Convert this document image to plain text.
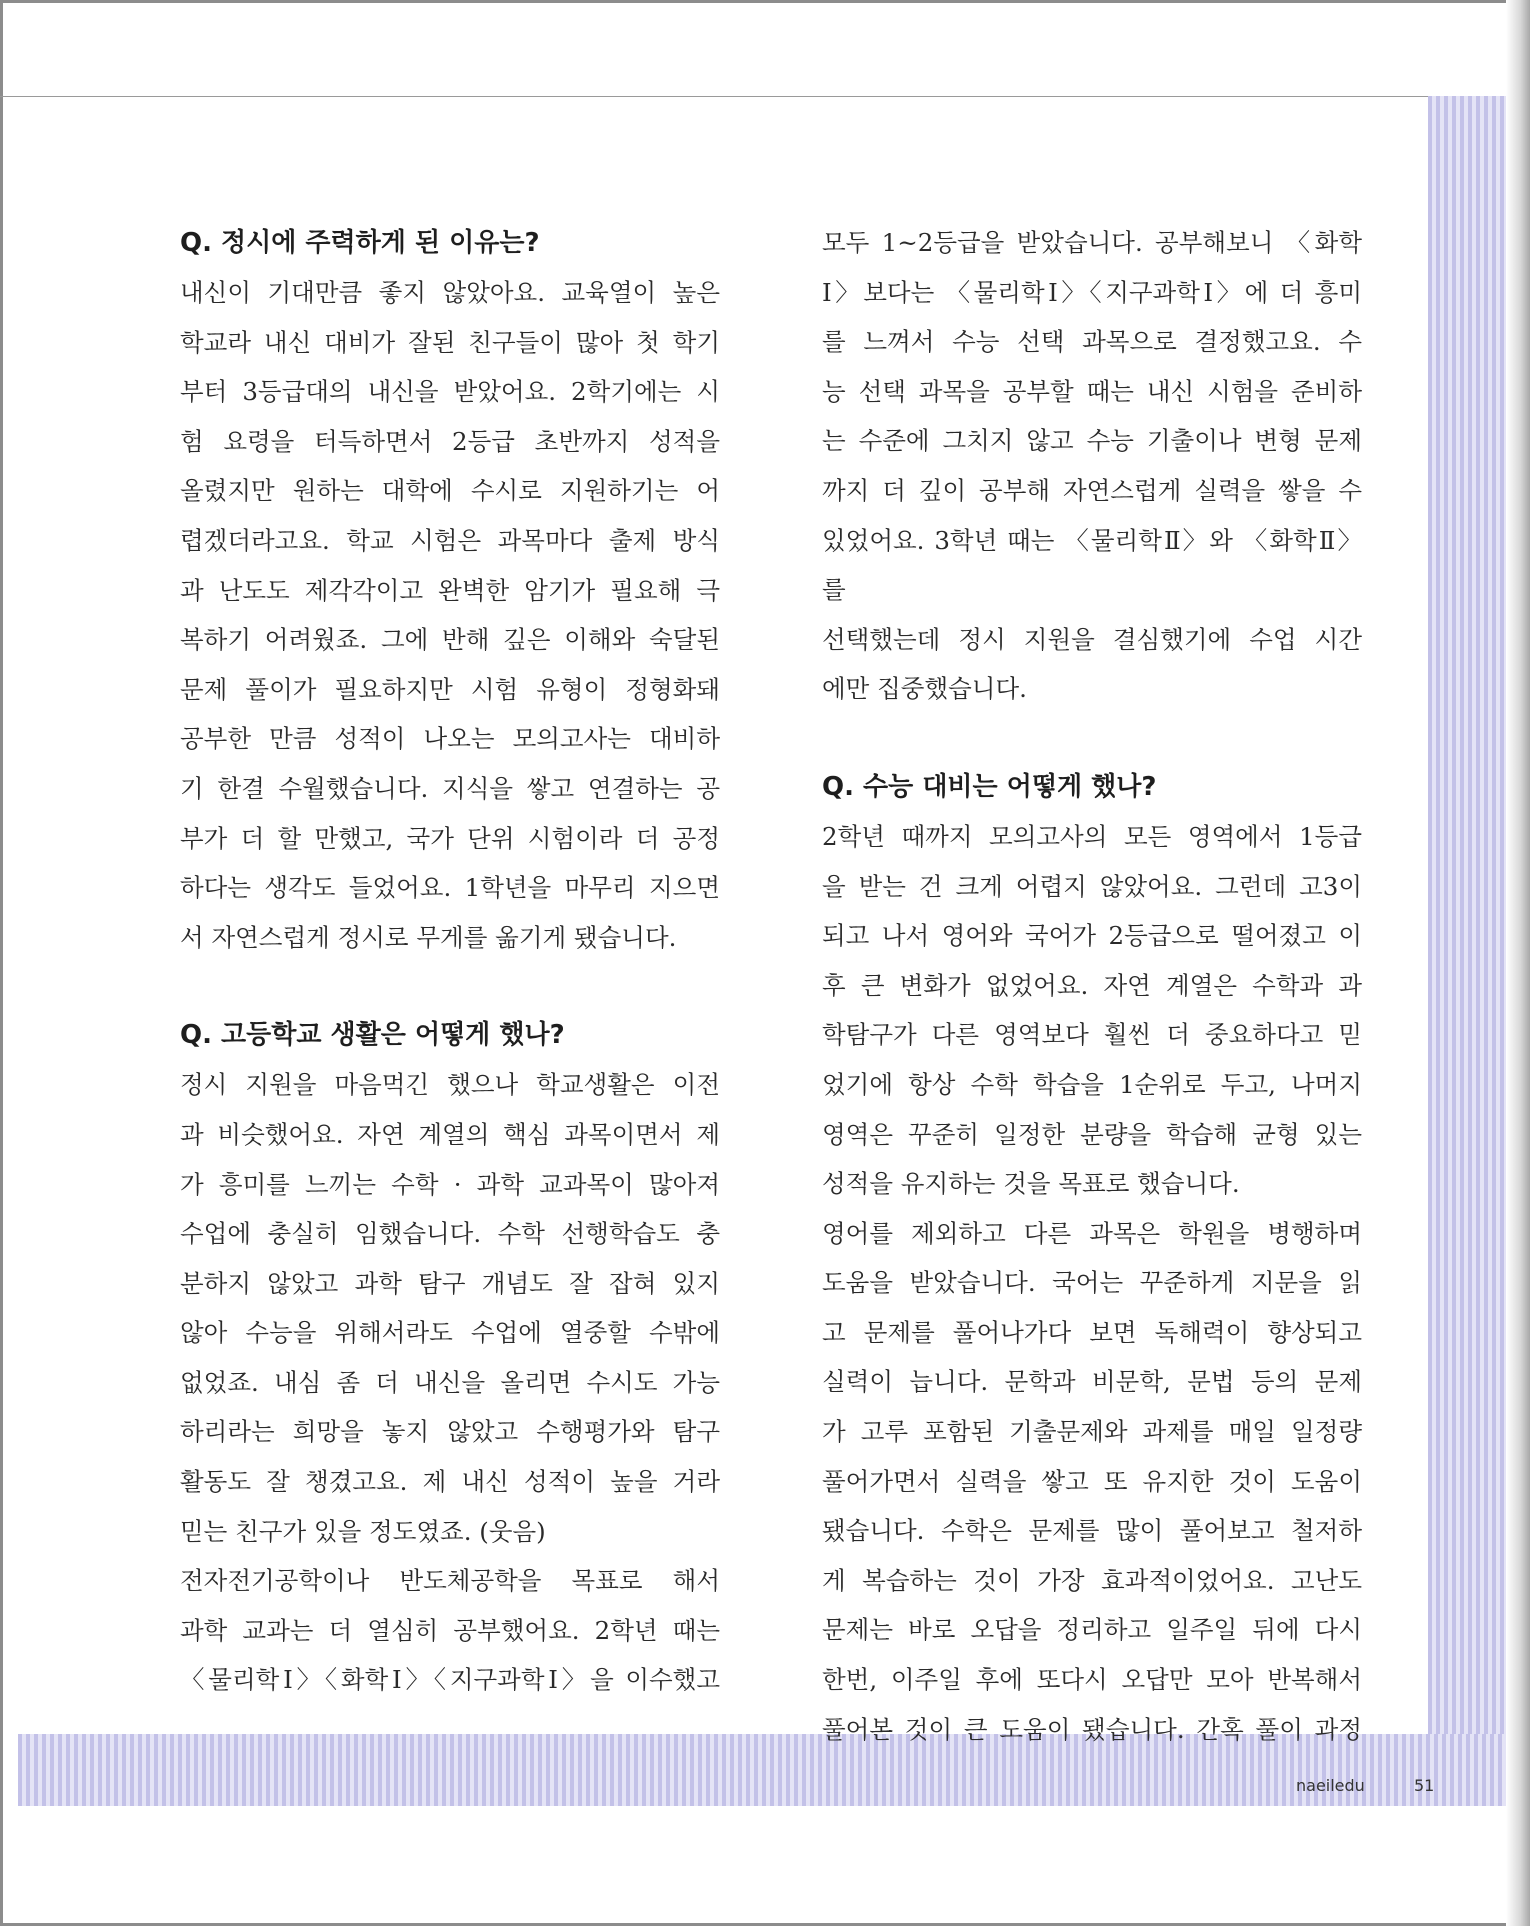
Q. 정시에 주력하게 된 이유는?

내신이 기대만큼 좋지 않았아요. 교육열이 높은

학교라 내신 대비가 잘된 친구들이 많아 첫 학기

부터 3등급대의 내신을 받았어요. 2학기에는 시

험 요령을 터득하면서 2등급 초반까지 성적을

올렸지만 원하는 대학에 수시로 지원하기는 어

렵겠더라고요. 학교 시험은 과목마다 출제 방식

과 난도도 제각각이고 완벽한 암기가 필요해 극

복하기 어려웠죠. 그에 반해 깊은 이해와 숙달된

문제 풀이가 필요하지만 시험 유형이 정형화돼

공부한 만큼 성적이 나오는 모의고사는 대비하

기 한결 수월했습니다. 지식을 쌓고 연결하는 공

부가 더 할 만했고, 국가 단위 시험이라 더 공정

하다는 생각도 들었어요. 1학년을 마무리 지으면

서 자연스럽게 정시로 무게를 옮기게 됐습니다.

Q. 고등학교 생활은 어떻게 했나?

정시 지원을 마음먹긴 했으나 학교생활은 이전

과 비슷했어요. 자연 계열의 핵심 과목이면서 제

가 흥미를 느끼는 수학 · 과학 교과목이 많아져

수업에 충실히 임했습니다. 수학 선행학습도 충

분하지 않았고 과학 탐구 개념도 잘 잡혀 있지

않아 수능을 위해서라도 수업에 열중할 수밖에

없었죠. 내심 좀 더 내신을 올리면 수시도 가능

하리라는 희망을 놓지 않았고 수행평가와 탐구

활동도 잘 챙겼고요. 제 내신 성적이 높을 거라

믿는 친구가 있을 정도였죠. (웃음)

전자전기공학이나 반도체공학을 목표로 해서

과학 교과는 더 열심히 공부했어요. 2학년 때는

〈물리학Ⅰ〉〈화학Ⅰ〉〈지구과학Ⅰ〉을 이수했고

모두 1~2등급을 받았습니다. 공부해보니 〈화학

Ⅰ〉보다는 〈물리학Ⅰ〉〈지구과학Ⅰ〉에 더 흥미

를 느껴서 수능 선택 과목으로 결정했고요. 수

능 선택 과목을 공부할 때는 내신 시험을 준비하

는 수준에 그치지 않고 수능 기출이나 변형 문제

까지 더 깊이 공부해 자연스럽게 실력을 쌓을 수

있었어요. 3학년 때는 〈물리학Ⅱ〉와 〈화학Ⅱ〉를

선택했는데 정시 지원을 결심했기에 수업 시간

에만 집중했습니다.

Q. 수능 대비는 어떻게 했나?

2학년 때까지 모의고사의 모든 영역에서 1등급

을 받는 건 크게 어렵지 않았어요. 그런데 고3이

되고 나서 영어와 국어가 2등급으로 떨어졌고 이

후 큰 변화가 없었어요. 자연 계열은 수학과 과

학탐구가 다른 영역보다 훨씬 더 중요하다고 믿

었기에 항상 수학 학습을 1순위로 두고, 나머지

영역은 꾸준히 일정한 분량을 학습해 균형 있는

성적을 유지하는 것을 목표로 했습니다.

영어를 제외하고 다른 과목은 학원을 병행하며

도움을 받았습니다. 국어는 꾸준하게 지문을 읽

고 문제를 풀어나가다 보면 독해력이 향상되고

실력이 늡니다. 문학과 비문학, 문법 등의 문제

가 고루 포함된 기출문제와 과제를 매일 일정량

풀어가면서 실력을 쌓고 또 유지한 것이 도움이

됐습니다. 수학은 문제를 많이 풀어보고 철저하

게 복습하는 것이 가장 효과적이었어요. 고난도

문제는 바로 오답을 정리하고 일주일 뒤에 다시

한번, 이주일 후에 또다시 오답만 모아 반복해서

풀어본 것이 큰 도움이 됐습니다. 간혹 풀이 과정

naeiledu	51
